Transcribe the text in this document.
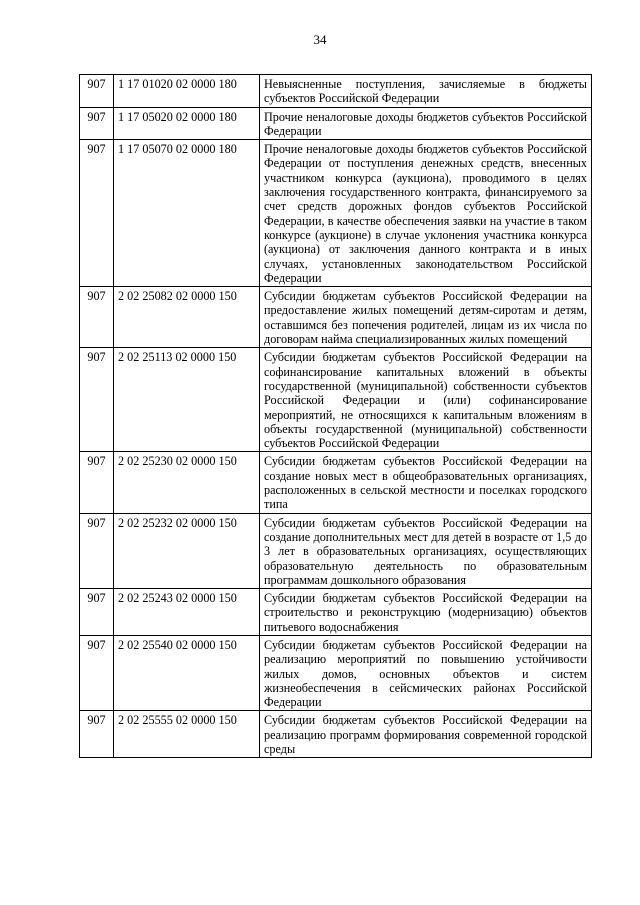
34
907	1 17 01020 02 0000 180	Невыясненные поступления, зачисляемые в бюджеты субъектов Российской Федерации
907	1 17 05020 02 0000 180	Прочие неналоговые доходы бюджетов субъектов Российской Федерации
907	1 17 05070 02 0000 180	Прочие неналоговые доходы бюджетов субъектов Российской Федерации от поступления денежных средств, внесенных участником конкурса (аукциона), проводимого в целях заключения государственного контракта, финансируемого за счет средств дорожных фондов субъектов Российской Федерации, в качестве обеспечения заявки на участие в таком конкурсе (аукционе) в случае уклонения участника конкурса (аукциона) от заключения данного контракта и в иных случаях, установленных законодательством Российской Федерации
907	2 02 25082 02 0000 150	Субсидии бюджетам субъектов Российской Федерации на предоставление жилых помещений детям-сиротам и детям, оставшимся без попечения родителей, лицам из их числа по договорам найма специализированных жилых помещений
907	2 02 25113 02 0000 150	Субсидии бюджетам субъектов Российской Федерации на софинансирование капитальных вложений в объекты государственной (муниципальной) собственности субъектов Российской Федерации и (или) софинансирование мероприятий, не относящихся к капитальным вложениям в объекты государственной (муниципальной) собственности субъектов Российской Федерации
907	2 02 25230 02 0000 150	Субсидии бюджетам субъектов Российской Федерации на создание новых мест в общеобразовательных организациях, расположенных в сельской местности и поселках городского типа
907	2 02 25232 02 0000 150	Субсидии бюджетам субъектов Российской Федерации на создание дополнительных мест для детей в возрасте от 1,5 до 3 лет в образовательных организациях, осуществляющих образовательную деятельность по образовательным программам дошкольного образования
907	2 02 25243 02 0000 150	Субсидии бюджетам субъектов Российской Федерации на строительство и реконструкцию (модернизацию) объектов питьевого водоснабжения
907	2 02 25540 02 0000 150	Субсидии бюджетам субъектов Российской Федерации на реализацию мероприятий по повышению устойчивости жилых домов, основных объектов и систем жизнеобеспечения в сейсмических районах Российской Федерации
907	2 02 25555 02 0000 150	Субсидии бюджетам субъектов Российской Федерации на реализацию программ формирования современной городской среды
